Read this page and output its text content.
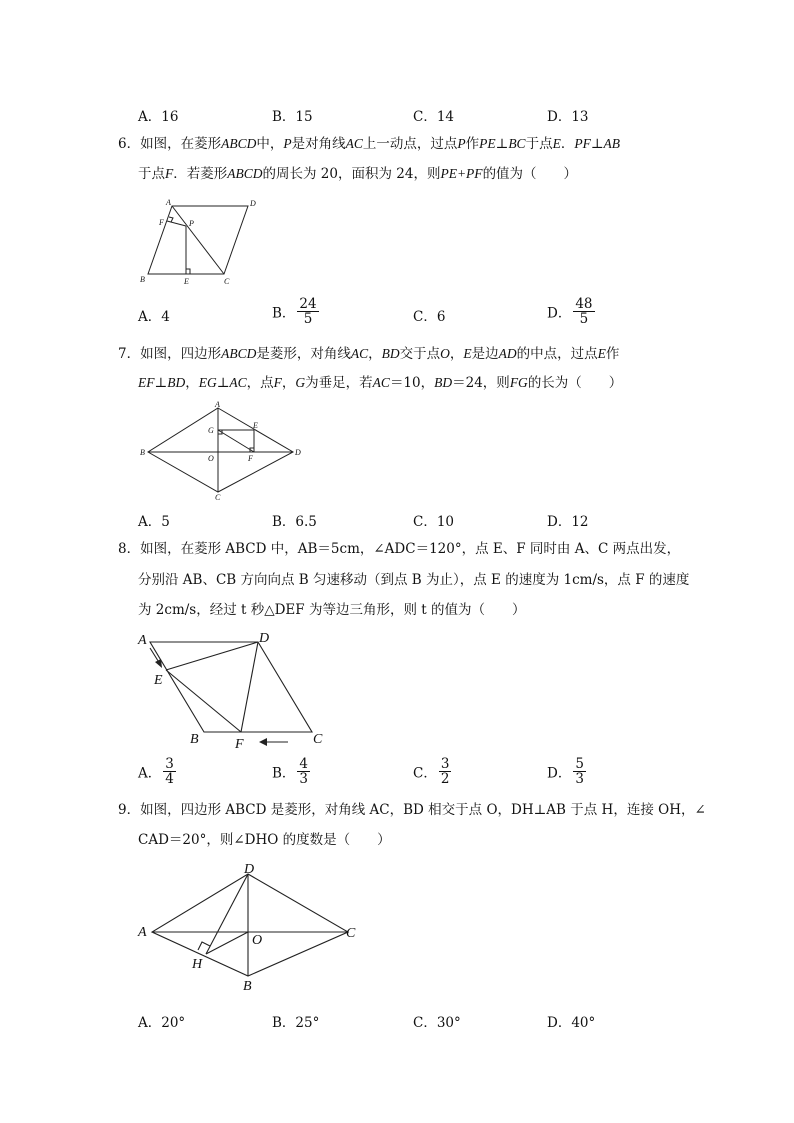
A．16	B．15	C．14	D．13
6．如图，在菱形ABCD中，P是对角线AC上一动点，过点P作PE⊥BC于点E．PF⊥AB
于点F．若菱形ABCD的周长为 20，面积为 24，则PE+PF的值为（　　）
A	D
F	P
B	E	C
A．4	B． $\frac{24}{5}$	C．6	D． $\frac{48}{5}$
7．如图，四边形ABCD是菱形，对角线AC，BD交于点O，E是边AD的中点，过点E作
EF⊥BD，EG⊥AC，点F，G为垂足，若AC＝10，BD＝24，则FG的长为（　　）
A
G
E
B
O	F
D
C
A．5	B．6.5	C．10	D．12
8．如图，在菱形 ABCD 中，AB＝5cm，∠ADC＝120°，点 E、F 同时由 A、C 两点出发，
分别沿 AB、CB 方向向点 B 匀速移动（到点 B 为止），点 E 的速度为 1cm/s，点 F 的速度
为 2cm/s，经过 t 秒△DEF 为等边三角形，则 t 的值为（　　）
A	D
E
B	F	C
A． $\frac{3}{4}$	B． $\frac{4}{3}$	C． $\frac{3}{2}$	D． $\frac{5}{3}$
9．如图，四边形 ABCD 是菱形，对角线 AC，BD 相交于点 O，DH⊥AB 于点 H，连接 OH，∠
CAD＝20°，则∠DHO 的度数是（　　）
D
A
O	C
H
B
A．20°	B．25°	C．30°	D．40°
